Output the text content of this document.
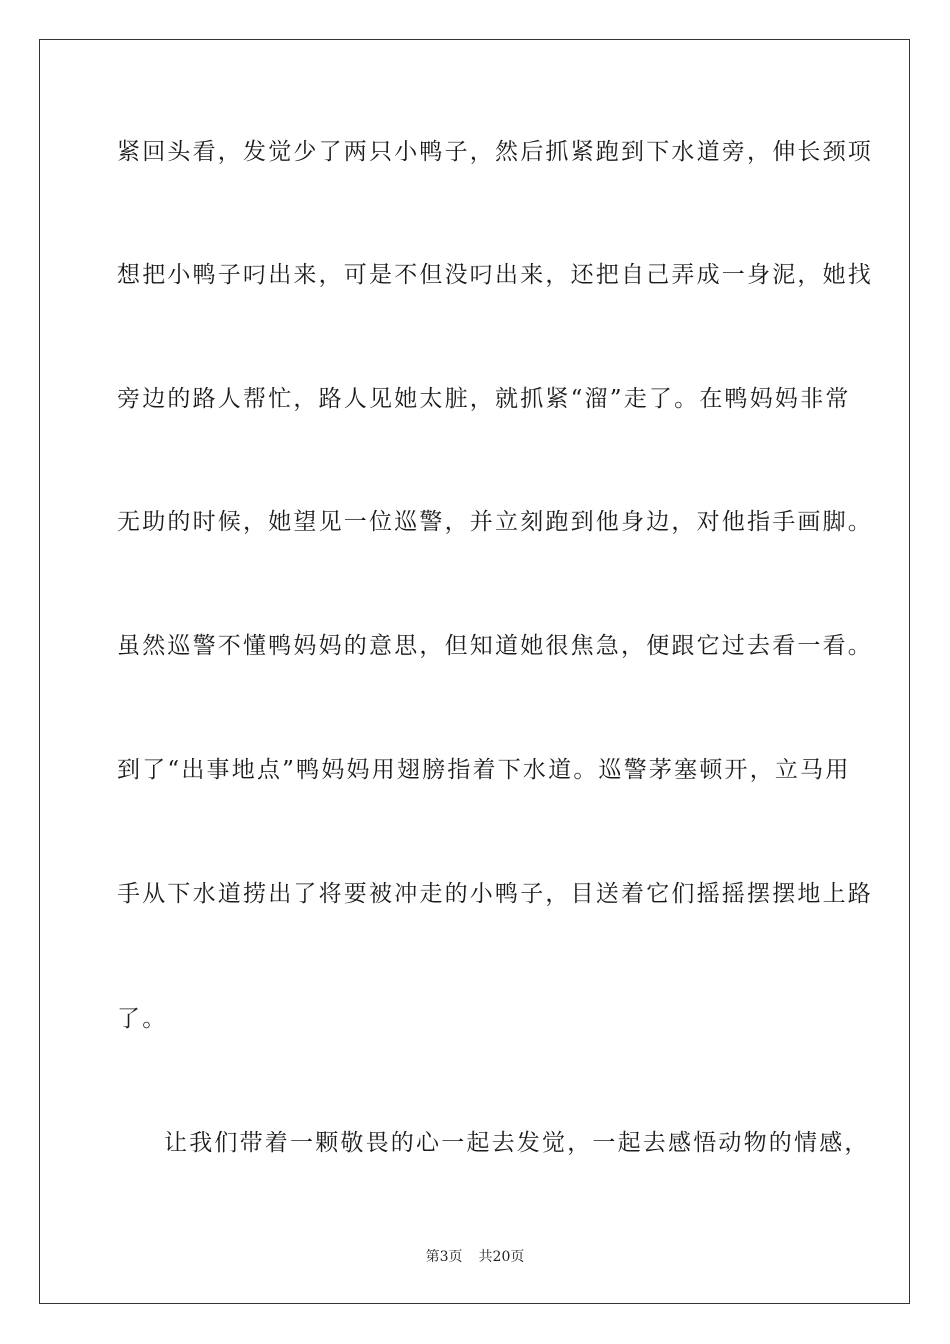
紧回头看，发觉少了两只小鸭子，然后抓紧跑到下水道旁，伸长颈项
想把小鸭子叼出来，可是不但没叼出来，还把自己弄成一身泥，她找
旁边的路人帮忙，路人见她太脏，就抓紧“溜”走了。在鸭妈妈非常
无助的时候，她望见一位巡警，并立刻跑到他身边，对他指手画脚。
虽然巡警不懂鸭妈妈的意思，但知道她很焦急，便跟它过去看一看。
到了“出事地点”鸭妈妈用翅膀指着下水道。巡警茅塞顿开，立马用
手从下水道捞出了将要被冲走的小鸭子，目送着它们摇摇摆摆地上路
了。
让我们带着一颗敬畏的心一起去发觉，一起去感悟动物的情感，
第3页 共20页
